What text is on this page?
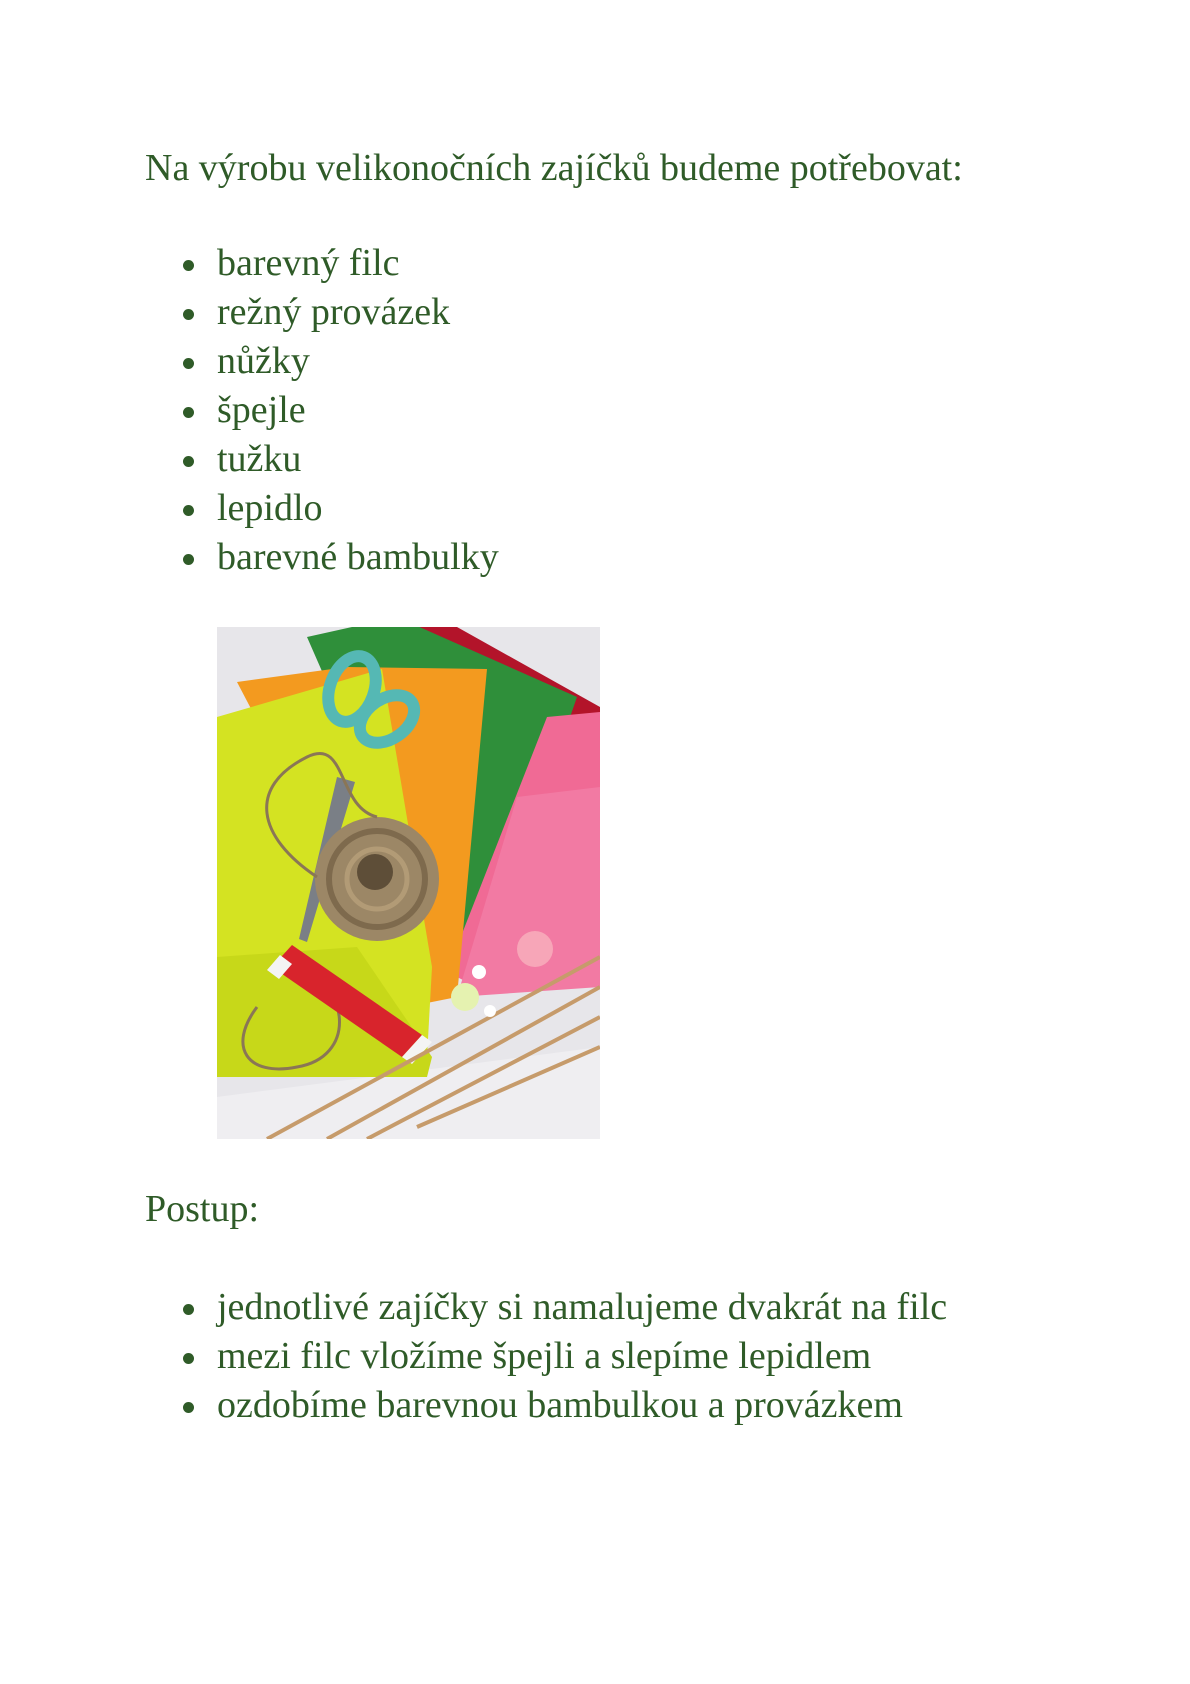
Na výrobu velikonočních zajíčků budeme potřebovat:

barevný filc
režný provázek
nůžky
špejle
tužku
lepidlo
barevné bambulky

Postup:

jednotlivé zajíčky si namalujeme dvakrát na filc
mezi filc vložíme špejli a slepíme lepidlem
ozdobíme barevnou bambulkou a provázkem
